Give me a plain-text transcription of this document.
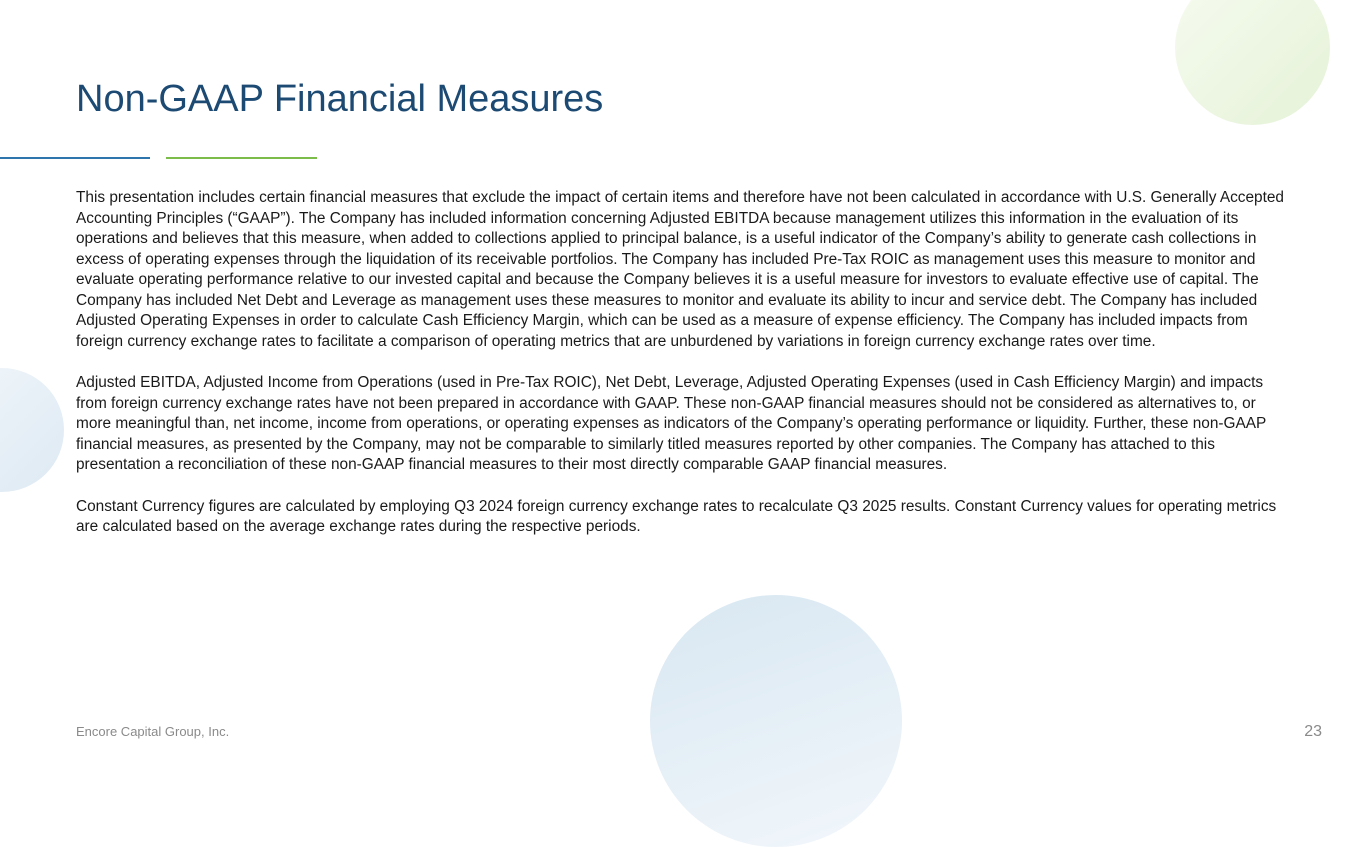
Non-GAAP Financial Measures

This presentation includes certain financial measures that exclude the impact of certain items and therefore have not been calculated in accordance with U.S. Generally Accepted Accounting Principles (“GAAP”). The Company has included information concerning Adjusted EBITDA because management utilizes this information in the evaluation of its operations and believes that this measure, when added to collections applied to principal balance, is a useful indicator of the Company’s ability to generate cash collections in excess of operating expenses through the liquidation of its receivable portfolios. The Company has included Pre-Tax ROIC as management uses this measure to monitor and evaluate operating performance relative to our invested capital and because the Company believes it is a useful measure for investors to evaluate effective use of capital. The Company has included Net Debt and Leverage as management uses these measures to monitor and evaluate its ability to incur and service debt. The Company has included Adjusted Operating Expenses in order to calculate Cash Efficiency Margin, which can be used as a measure of expense efficiency. The Company has included impacts from foreign currency exchange rates to facilitate a comparison of operating metrics that are unburdened by variations in foreign currency exchange rates over time.

Adjusted EBITDA, Adjusted Income from Operations (used in Pre-Tax ROIC), Net Debt, Leverage, Adjusted Operating Expenses (used in Cash Efficiency Margin) and impacts from foreign currency exchange rates have not been prepared in accordance with GAAP. These non-GAAP financial measures should not be considered as alternatives to, or more meaningful than, net income, income from operations, or operating expenses as indicators of the Company’s operating performance or liquidity. Further, these non-GAAP financial measures, as presented by the Company, may not be comparable to similarly titled measures reported by other companies. The Company has attached to this presentation a reconciliation of these non-GAAP financial measures to their most directly comparable GAAP financial measures.

Constant Currency figures are calculated by employing Q3 2024 foreign currency exchange rates to recalculate Q3 2025 results. Constant Currency values for operating metrics are calculated based on the average exchange rates during the respective periods.

Encore Capital Group, Inc.	23
